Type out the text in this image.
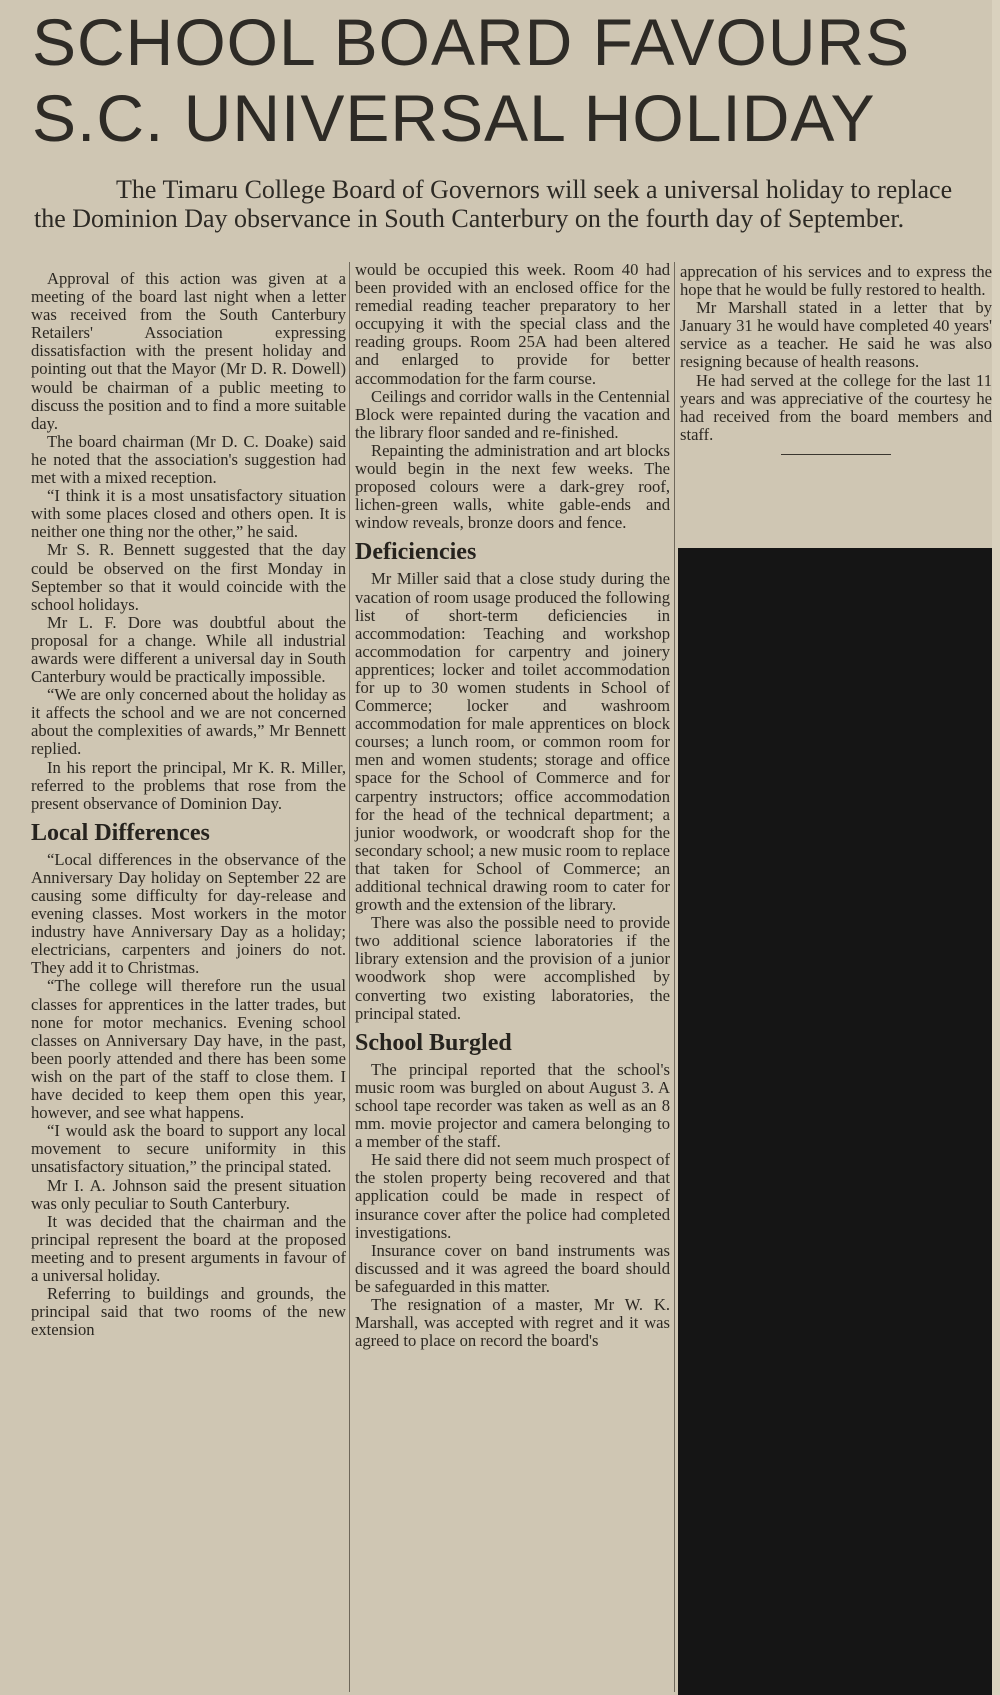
SCHOOL BOARD FAVOURS
S.C. UNIVERSAL HOLIDAY
The Timaru College Board of Governors will seek a universal holiday to replace the Dominion Day observance in South Canterbury on the fourth day of September.

Approval of this action was given at a meeting of the board last night when a letter was received from the South Canterbury Retailers' Association expressing dissatisfaction with the present holiday and pointing out that the Mayor (Mr D. R. Dowell) would be chairman of a public meeting to discuss the position and to find a more suitable day.

The board chairman (Mr D. C. Doake) said he noted that the association's suggestion had met with a mixed reception.

“I think it is a most unsatisfactory situation with some places closed and others open. It is neither one thing nor the other,” he said.

Mr S. R. Bennett suggested that the day could be observed on the first Monday in September so that it would coincide with the school holidays.

Mr L. F. Dore was doubtful about the proposal for a change. While all industrial awards were different a universal day in South Canterbury would be practically impossible.

“We are only concerned about the holiday as it affects the school and we are not concerned about the complexities of awards,” Mr Bennett replied.

In his report the principal, Mr K. R. Miller, referred to the problems that rose from the present observance of Dominion Day.

Local Differences

“Local differences in the observance of the Anniversary Day holiday on September 22 are causing some difficulty for day-release and evening classes. Most workers in the motor industry have Anniversary Day as a holiday; electricians, carpenters and joiners do not. They add it to Christmas.

“The college will therefore run the usual classes for apprentices in the latter trades, but none for motor mechanics. Evening school classes on Anniversary Day have, in the past, been poorly attended and there has been some wish on the part of the staff to close them. I have decided to keep them open this year, however, and see what happens.

“I would ask the board to support any local movement to secure uniformity in this unsatisfactory situation,” the principal stated.

Mr I. A. Johnson said the present situation was only peculiar to South Canterbury.

It was decided that the chairman and the principal represent the board at the proposed meeting and to present arguments in favour of a universal holiday.

Referring to buildings and grounds, the principal said that two rooms of the new extension

would be occupied this week. Room 40 had been provided with an enclosed office for the remedial reading teacher preparatory to her occupying it with the special class and the reading groups. Room 25A had been altered and enlarged to provide for better accommodation for the farm course.

Ceilings and corridor walls in the Centennial Block were repainted during the vacation and the library floor sanded and re-finished.

Repainting the administration and art blocks would begin in the next few weeks. The proposed colours were a dark-grey roof, lichen-green walls, white gable-ends and window reveals, bronze doors and fence.

Deficiencies

Mr Miller said that a close study during the vacation of room usage produced the following list of short-term deficiencies in accommodation: Teaching and workshop accommodation for carpentry and joinery apprentices; locker and toilet accommodation for up to 30 women students in School of Commerce; locker and washroom accommodation for male apprentices on block courses; a lunch room, or common room for men and women students; storage and office space for the School of Commerce and for carpentry instructors; office accommodation for the head of the technical department; a junior woodwork, or woodcraft shop for the secondary school; a new music room to replace that taken for School of Commerce; an additional technical drawing room to cater for growth and the extension of the library.

There was also the possible need to provide two additional science laboratories if the library extension and the provision of a junior woodwork shop were accomplished by converting two existing laboratories, the principal stated.

School Burgled

The principal reported that the school's music room was burgled on about August 3. A school tape recorder was taken as well as an 8 mm. movie projector and camera belonging to a member of the staff.

He said there did not seem much prospect of the stolen property being recovered and that application could be made in respect of insurance cover after the police had completed investigations.

Insurance cover on band instruments was discussed and it was agreed the board should be safeguarded in this matter.

The resignation of a master, Mr W. K. Marshall, was accepted with regret and it was agreed to place on record the board's

apprecation of his services and to express the hope that he would be fully restored to health.

Mr Marshall stated in a letter that by January 31 he would have completed 40 years' service as a teacher. He said he was also resigning because of health reasons.

He had served at the college for the last 11 years and was appreciative of the courtesy he had received from the board members and staff.
